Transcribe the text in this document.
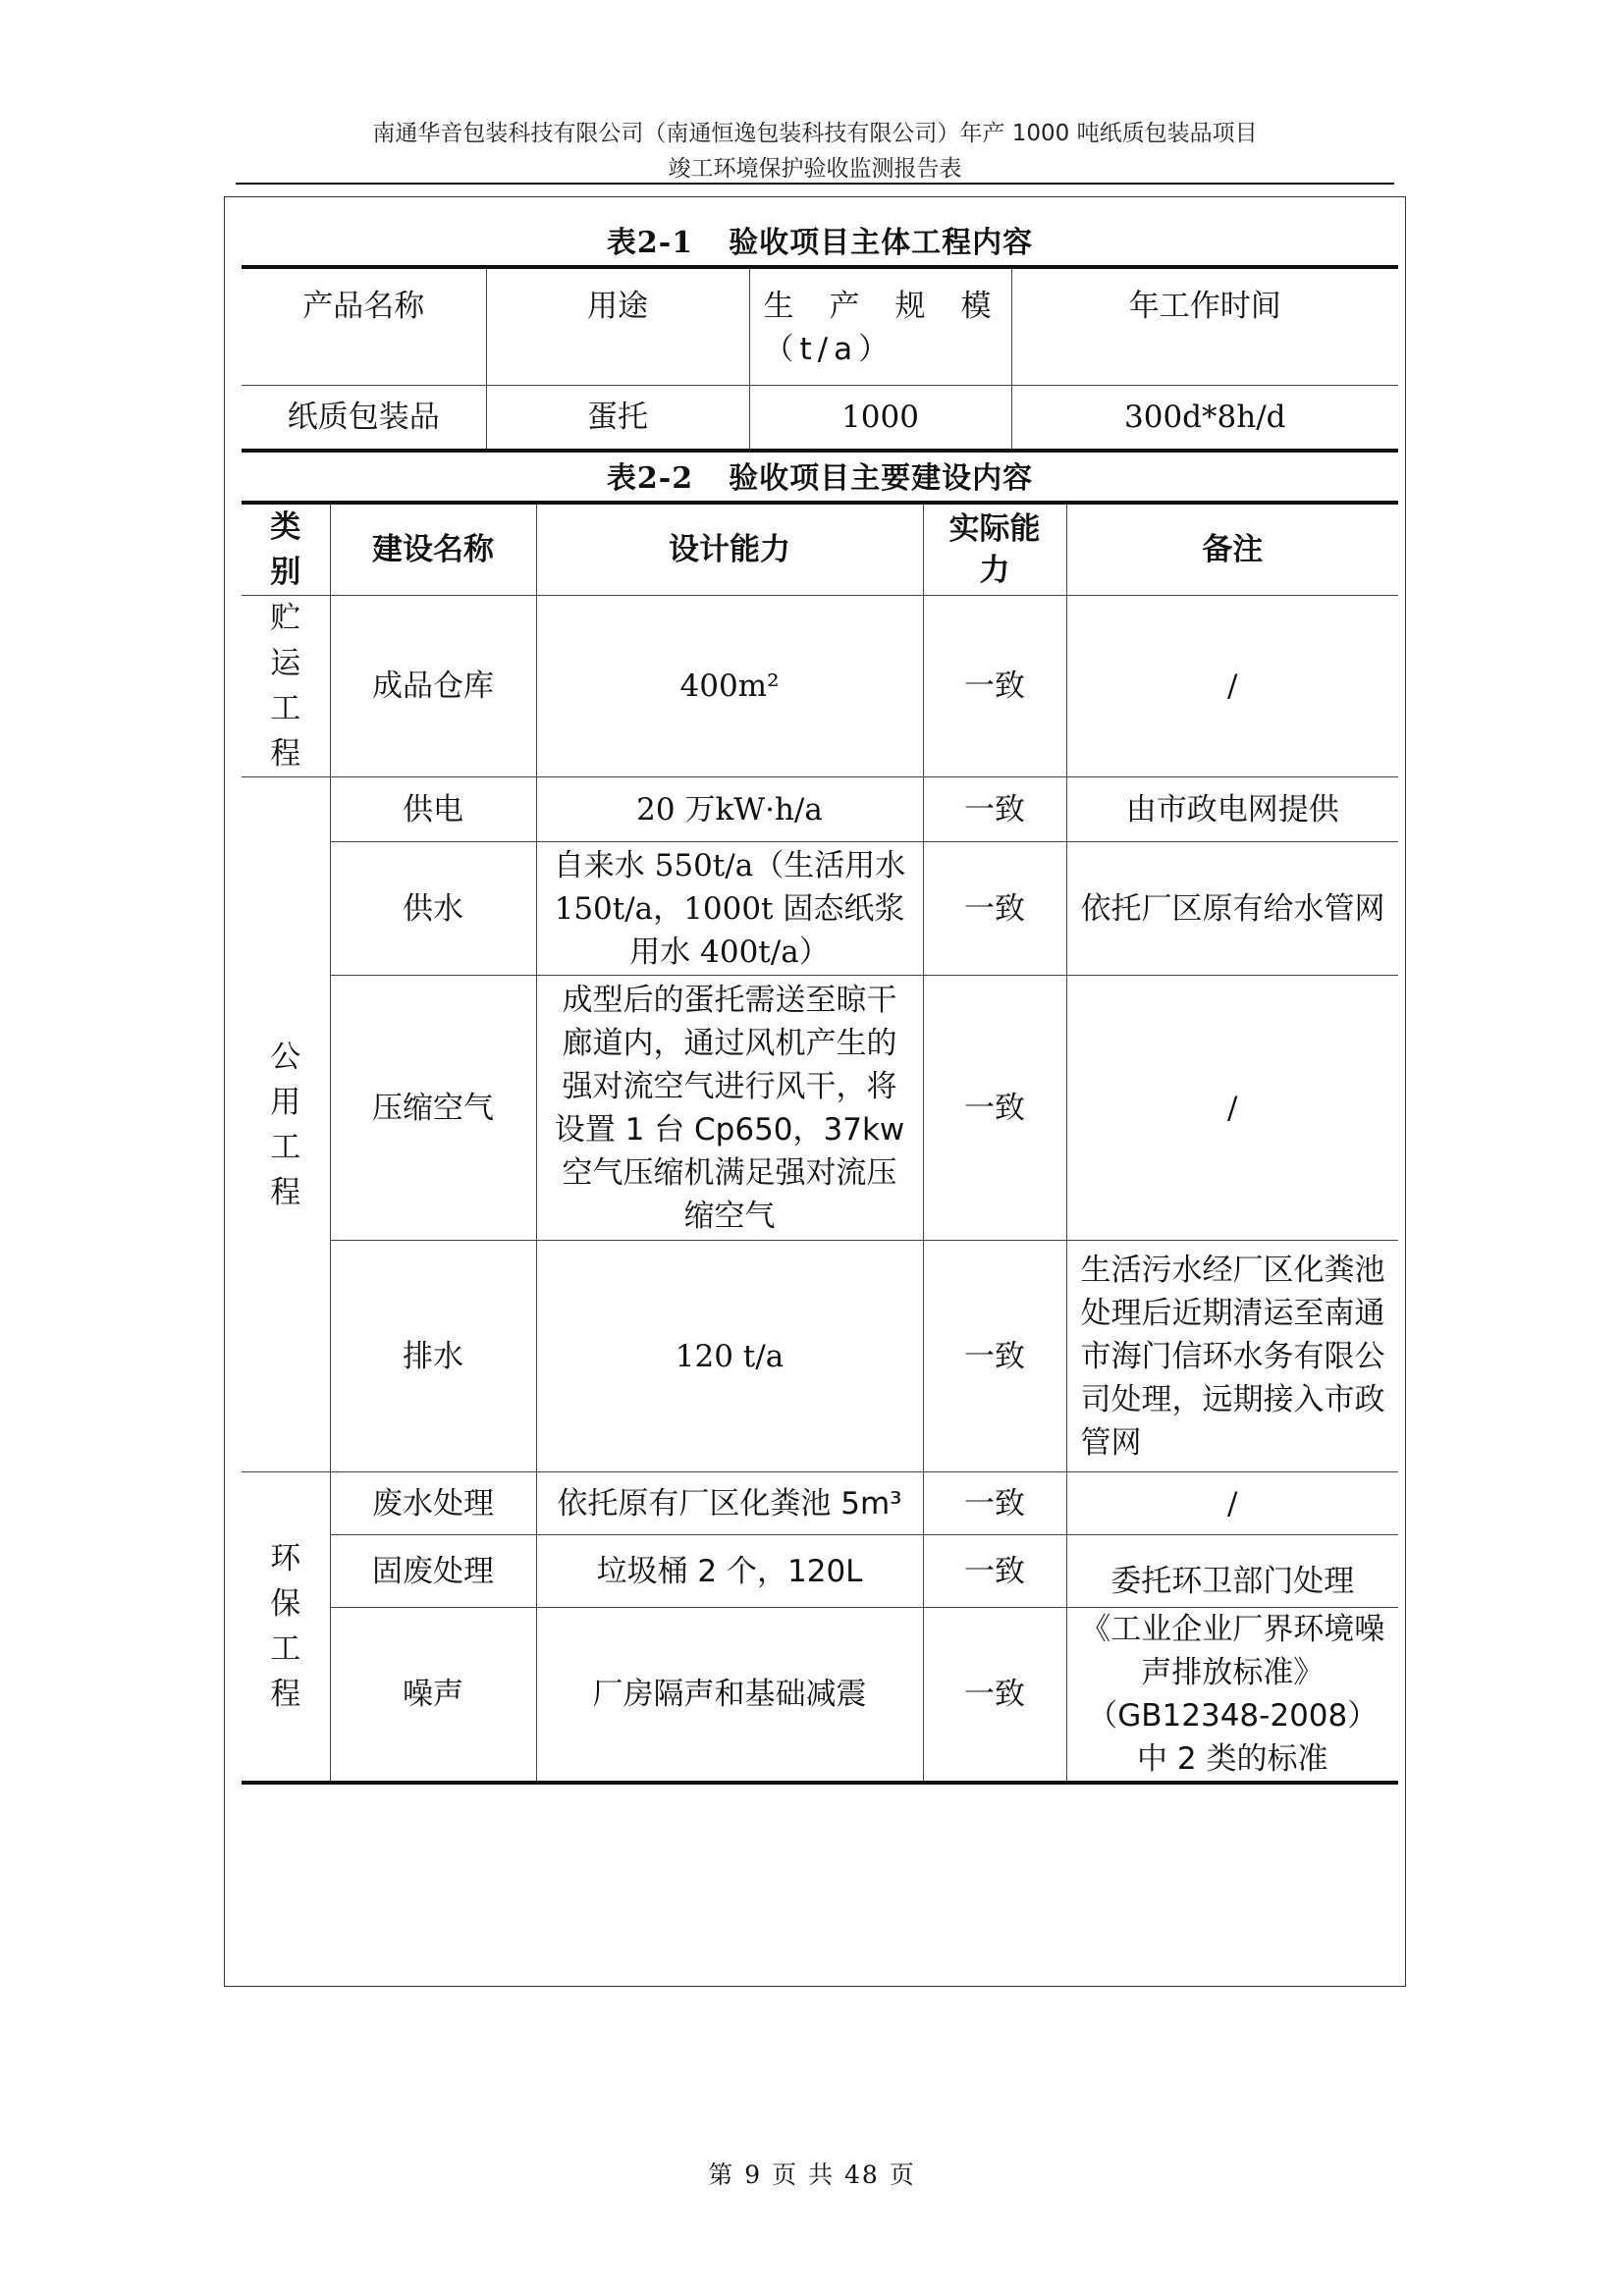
南通华音包装科技有限公司（南通恒逸包装科技有限公司）年产 1000 吨纸质包装品项目
竣工环境保护验收监测报告表
表2-1 验收项目主体工程内容
产品名称	用途	生 产 规 模（t/a）	年工作时间
纸质包装品	蛋托	1000	300d*8h/d
表2-2 验收项目主要建设内容
类别	建设名称	设计能力	实际能力	备注
贮运工程	成品仓库	400m²	一致	/
公用工程	供电	20 万kW·h/a	一致	由市政电网提供
	供水	自来水 550t/a（生活用水 150t/a，1000t 固态纸浆用水 400t/a）	一致	依托厂区原有给水管网
	压缩空气	成型后的蛋托需送至晾干廊道内，通过风机产生的强对流空气进行风干，将设置 1 台 Cp650，37kw 空气压缩机满足强对流压缩空气	一致	/
	排水	120 t/a	一致	生活污水经厂区化粪池处理后近期清运至南通市海门信环水务有限公司处理，远期接入市政管网
环保工程	废水处理	依托原有厂区化粪池 5m³	一致	/
	固废处理	垃圾桶 2 个，120L	一致	委托环卫部门处理
	噪声	厂房隔声和基础减震	一致	《工业企业厂界环境噪声排放标准》（GB12348-2008）中 2 类的标准
第 9 页 共 48 页
